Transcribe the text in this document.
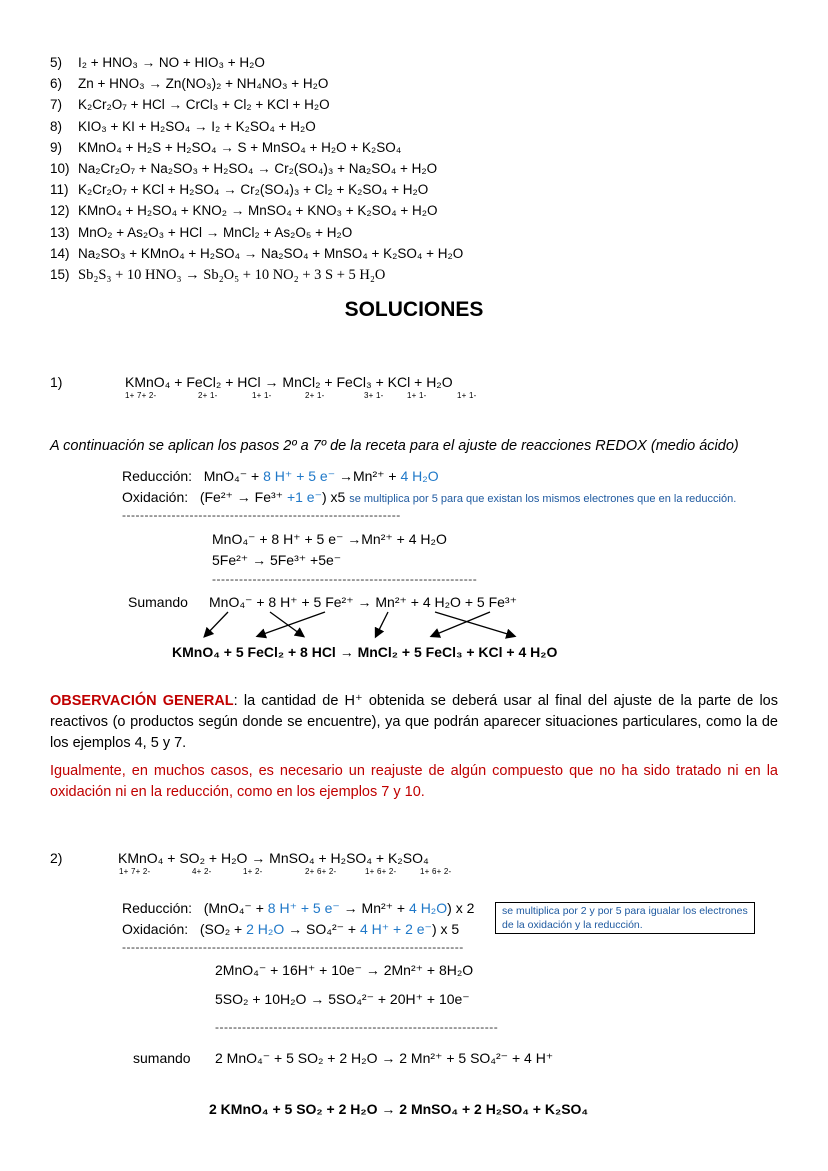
5) I₂ + HNO₃ → NO + HIO₃ + H₂O
6) Zn + HNO₃ → Zn(NO₃)₂ + NH₄NO₃ + H₂O
7) K₂Cr₂O₇ + HCl → CrCl₃ + Cl₂ + KCl + H₂O
8) KIO₃ + KI + H₂SO₄ → I₂ + K₂SO₄ + H₂O
9) KMnO₄ + H₂S + H₂SO₄ → S + MnSO₄ + H₂O + K₂SO₄
10) Na₂Cr₂O₇ + Na₂SO₃ + H₂SO₄ → Cr₂(SO₄)₃ + Na₂SO₄ + H₂O
11) K₂Cr₂O₇ + KCl + H₂SO₄ → Cr₂(SO₄)₃ + Cl₂ + K₂SO₄ + H₂O
12) KMnO₄ + H₂SO₄ + KNO₂ → MnSO₄ + KNO₃ + K₂SO₄ + H₂O
13) MnO₂ + As₂O₃ + HCl → MnCl₂ + As₂O₅ + H₂O
14) Na₂SO₃ + KMnO₄ + H₂SO₄ → Na₂SO₄ + MnSO₄ + K₂SO₄ + H₂O
15) Sb₂S₃ + 10 HNO₃ → Sb₂O₅ + 10 NO₂ + 3 S + 5 H₂O
SOLUCIONES
1)	KMnO₄ + FeCl₂ + HCl → MnCl₂ + FeCl₃ + KCl + H₂O
1+ 7+ 2-	2+ 1-	1+ 1-	2+ 1-	3+ 1-	1+ 1-	1+ 1-
A continuación se aplican los pasos 2º a 7º de la receta para el ajuste de reacciones REDOX (medio ácido)
Reducción: MnO₄⁻ + 8 H⁺ + 5 e⁻ →Mn²⁺ + 4 H₂O
Oxidación: (Fe²⁺ → Fe³⁺ +1 e⁻) x5 se multiplica por 5 para que existan los mismos electrones que en la reducción.
--------------------------------------------------------------
MnO₄⁻ + 8 H⁺ + 5 e⁻ →Mn²⁺ + 4 H₂O
5Fe²⁺ → 5Fe³⁺ +5e⁻
-----------------------------------------------------------
Sumando MnO₄⁻ + 8 H⁺ + 5 Fe²⁺ → Mn²⁺ + 4 H₂O + 5 Fe³⁺
KMnO₄ + 5 FeCl₂ + 8 HCl → MnCl₂ + 5 FeCl₃ + KCl + 4 H₂O
OBSERVACIÓN GENERAL: la cantidad de H⁺ obtenida se deberá usar al final del ajuste de la parte de los reactivos (o productos según donde se encuentre), ya que podrán aparecer situaciones particulares, como la de los ejemplos 4, 5 y 7.
Igualmente, en muchos casos, es necesario un reajuste de algún compuesto que no ha sido tratado ni en la oxidación ni en la reducción, como en los ejemplos 7 y 10.
2)	KMnO₄ + SO₂ + H₂O → MnSO₄ + H₂SO₄ + K₂SO₄
1+ 7+ 2-	4+ 2-	1+ 2-	2+ 6+ 2-	1+ 6+ 2-	1+ 6+ 2-
Reducción: (MnO₄⁻ + 8 H⁺ + 5 e⁻ → Mn²⁺ + 4 H₂O) x 2
Oxidación: (SO₂ + 2 H₂O → SO₄²⁻ + 4 H⁺ + 2 e⁻) x 5
se multiplica por 2 y por 5 para igualar los electrones
de la oxidación y la reducción.
----------------------------------------------------------------------------
2MnO₄⁻ + 16H⁺ + 10e⁻ → 2Mn²⁺ + 8H₂O
5SO₂ + 10H₂O → 5SO₄²⁻ + 20H⁺ + 10e⁻
---------------------------------------------------------------
sumando 2 MnO₄⁻ + 5 SO₂ + 2 H₂O → 2 Mn²⁺ + 5 SO₄²⁻ + 4 H⁺
2 KMnO₄ + 5 SO₂ + 2 H₂O → 2 MnSO₄ + 2 H₂SO₄ + K₂SO₄
